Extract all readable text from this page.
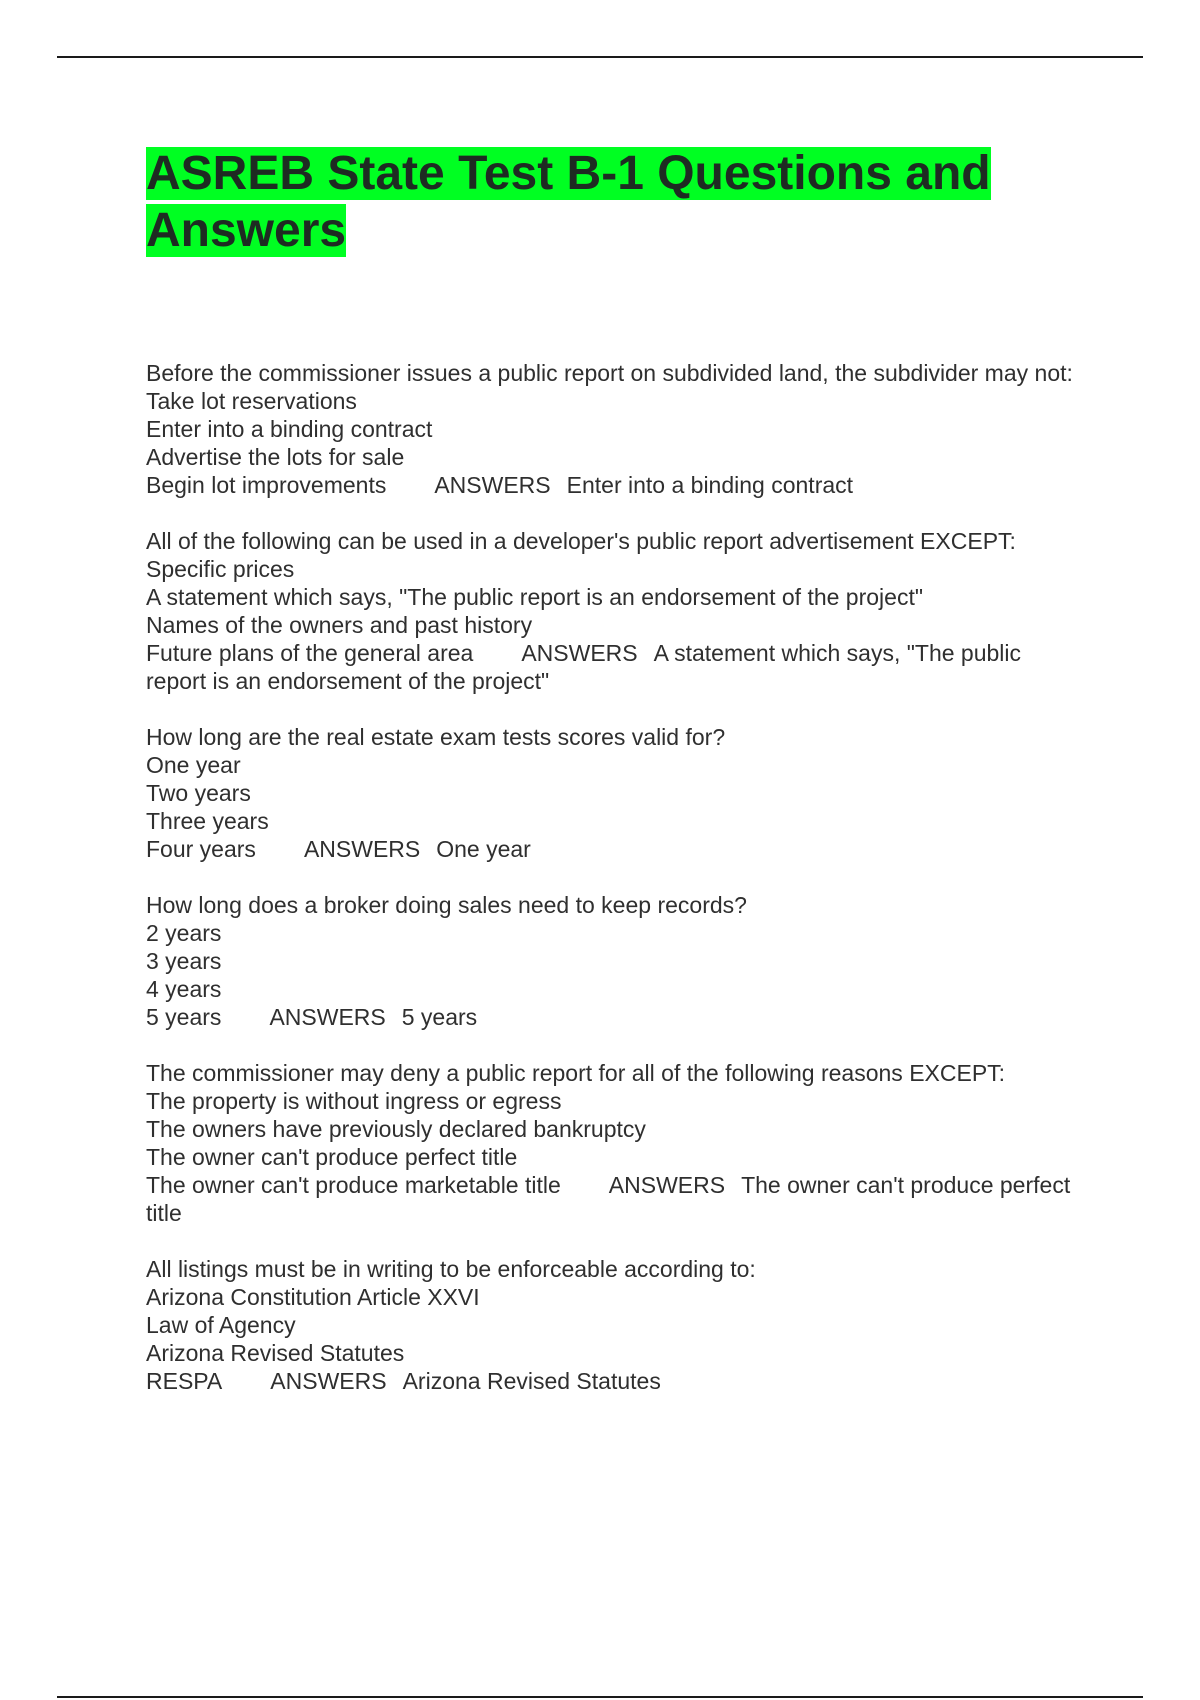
ASREB State Test B-1 Questions and Answers
Before the commissioner issues a public report on subdivided land, the subdivider may not:
Take lot reservations
Enter into a binding contract
Advertise the lots for sale
Begin lot improvements ANSWERS Enter into a binding contract
All of the following can be used in a developer's public report advertisement EXCEPT:
Specific prices
A statement which says, "The public report is an endorsement of the project"
Names of the owners and past history
Future plans of the general area ANSWERS A statement which says, "The public report is an endorsement of the project"
How long are the real estate exam tests scores valid for?
One year
Two years
Three years
Four years ANSWERS One year
How long does a broker doing sales need to keep records?
2 years
3 years
4 years
5 years ANSWERS 5 years
The commissioner may deny a public report for all of the following reasons EXCEPT:
The property is without ingress or egress
The owners have previously declared bankruptcy
The owner can't produce perfect title
The owner can't produce marketable title ANSWERS The owner can't produce perfect title
All listings must be in writing to be enforceable according to:
Arizona Constitution Article XXVI
Law of Agency
Arizona Revised Statutes
RESPA ANSWERS Arizona Revised Statutes
